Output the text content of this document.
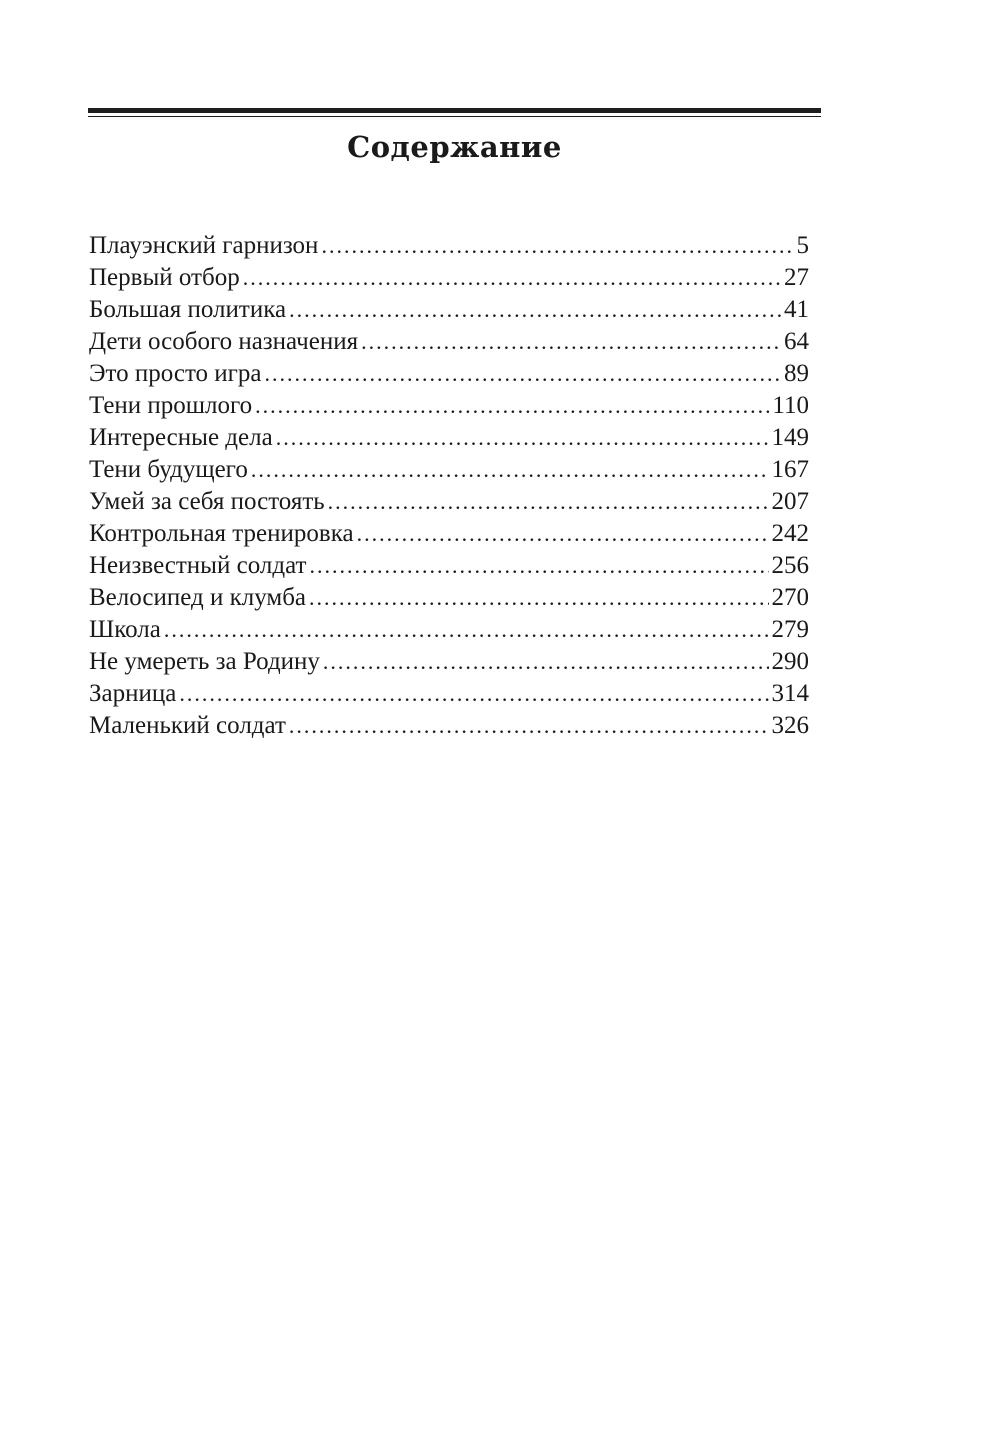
Содержание
Плауэнский гарнизон .....	5
Первый отбор .....	27
Большая политика .....	41
Дети особого назначения .....	64
Это просто игра .....	89
Тени прошлого .....	110
Интересные дела .....	149
Тени будущего .....	167
Умей за себя постоять .....	207
Контрольная тренировка .....	242
Неизвестный солдат .....	256
Велосипед и клумба .....	270
Школа .....	279
Не умереть за Родину .....	290
Зарница .....	314
Маленький солдат .....	326
